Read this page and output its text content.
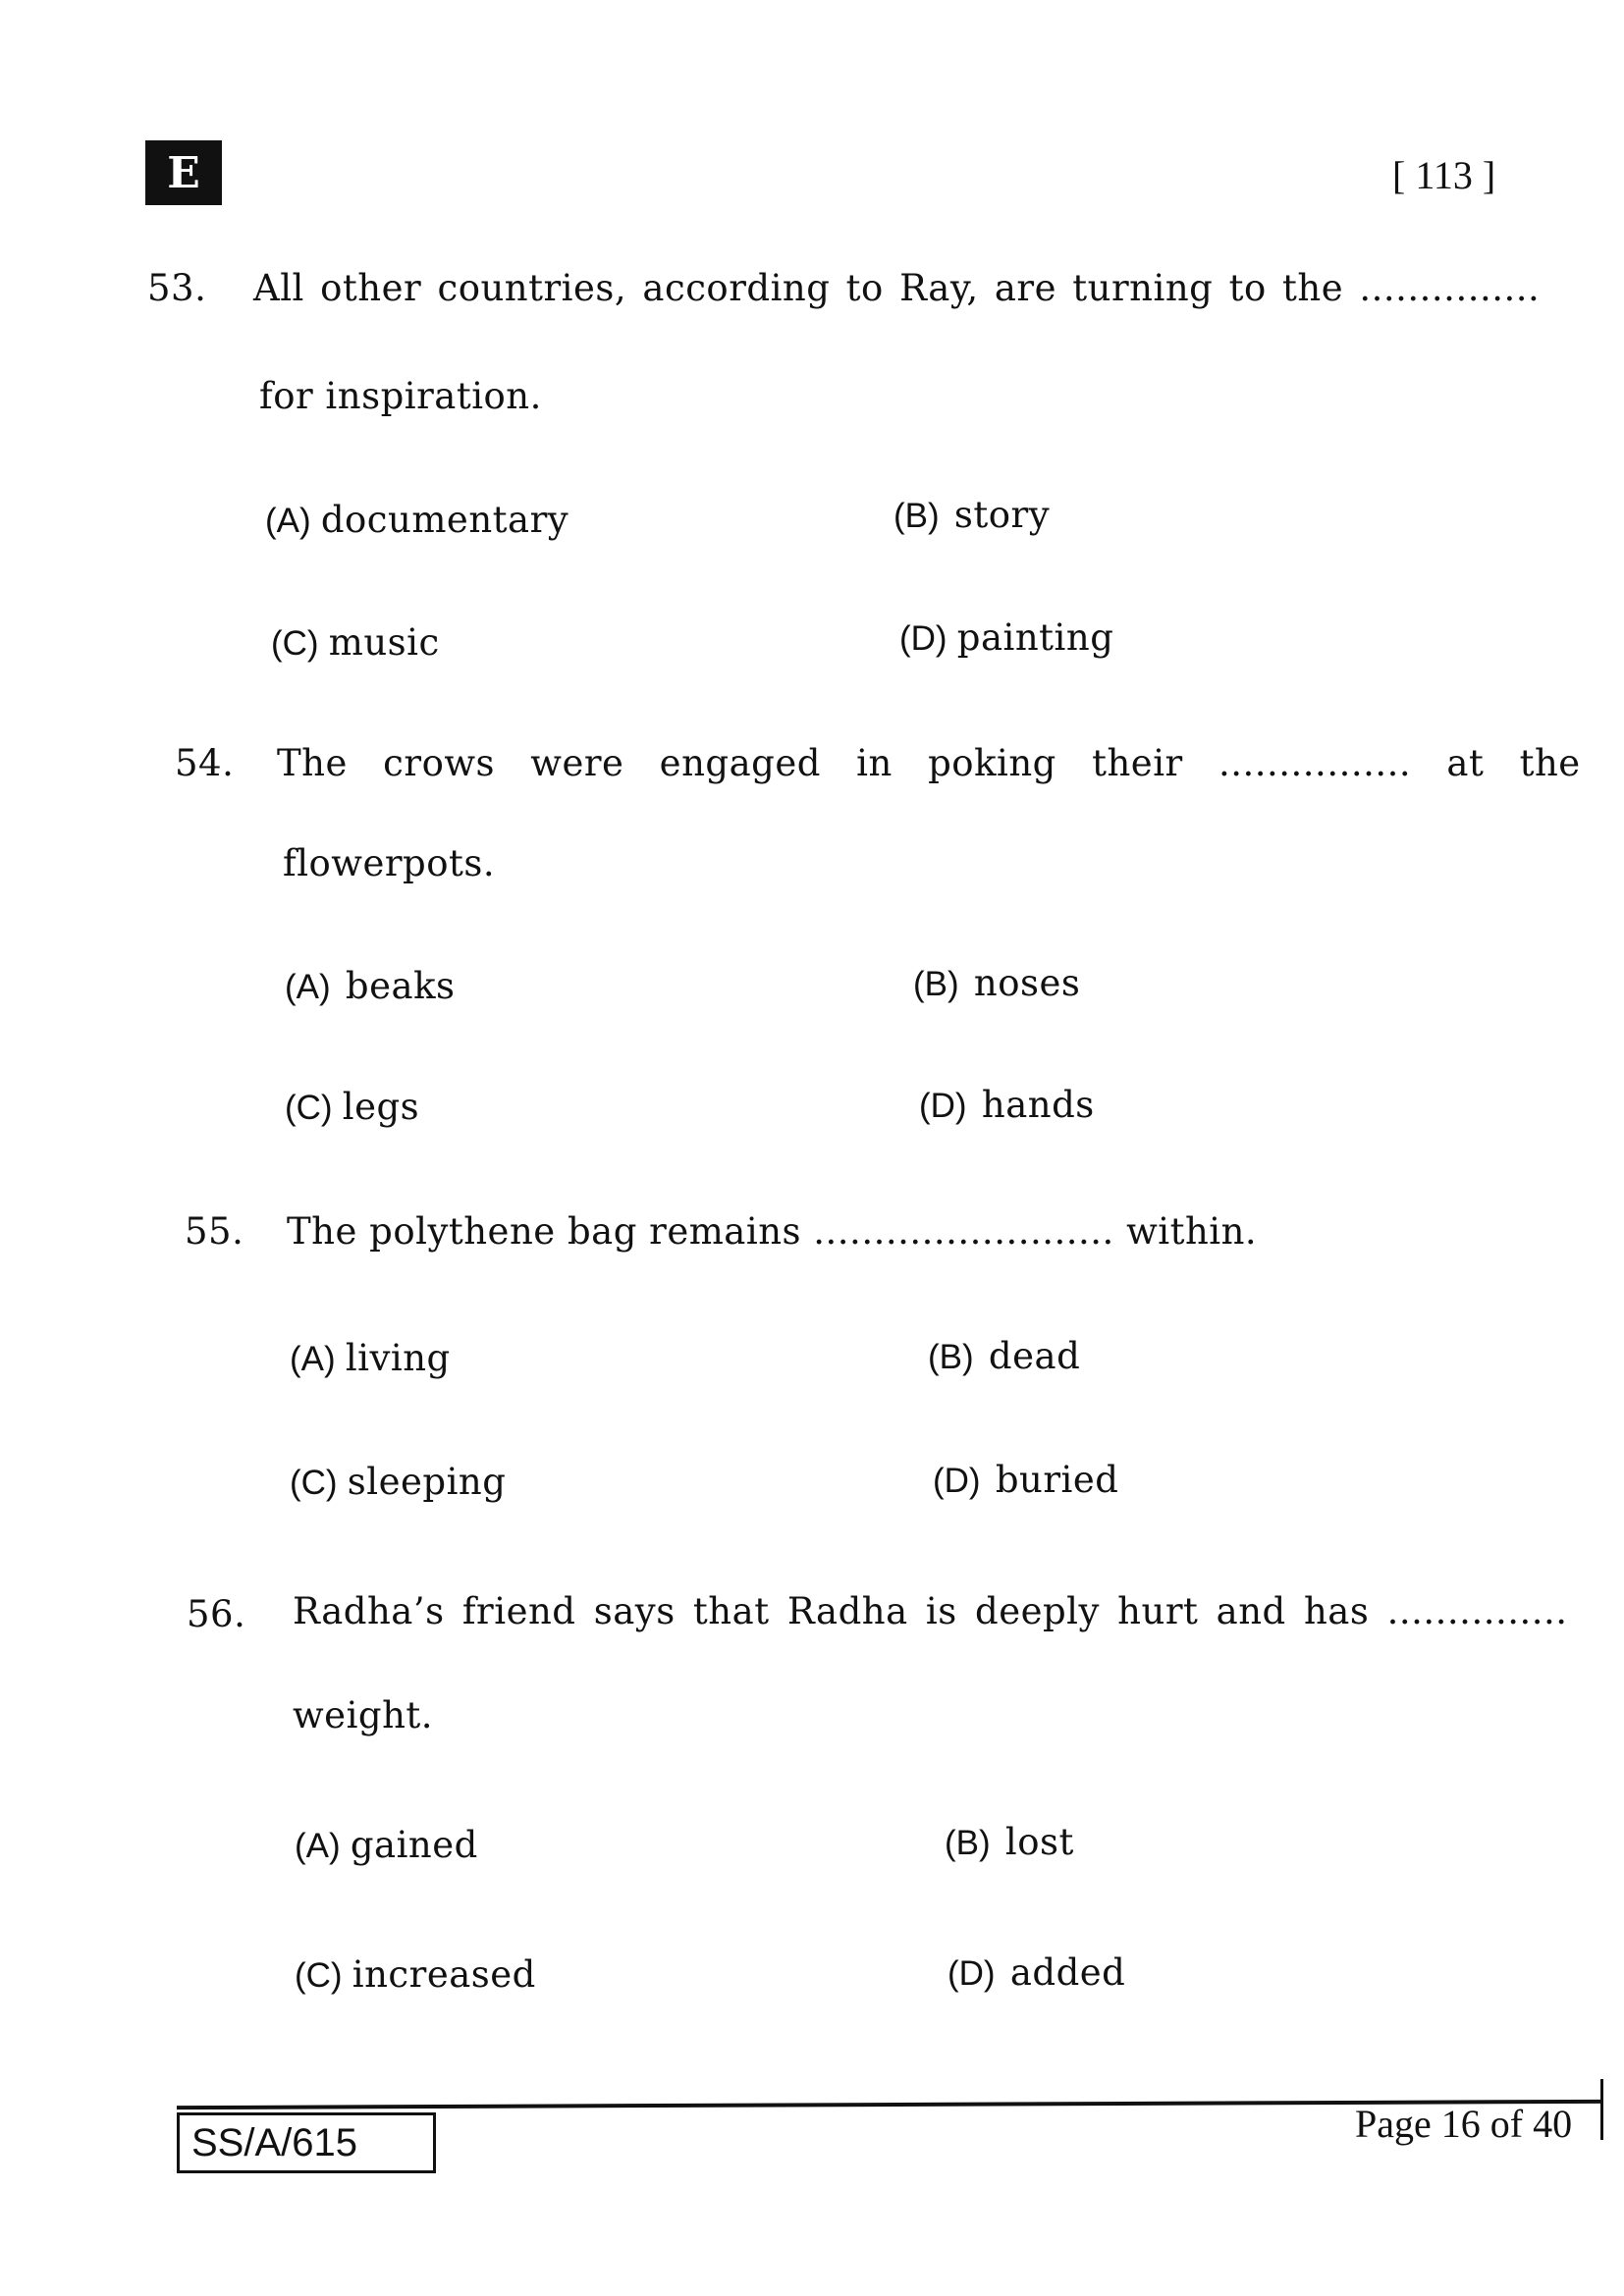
E	[ 113 ]
53. All other countries, according to Ray, are turning to the ...............
for inspiration.
(A) documentary	(B) story
(C) music	(D) painting
54. The crows were engaged in poking their ................ at the
flowerpots.
(A) beaks	(B) noses
(C) legs	(D) hands
55. The polythene bag remains ......................... within.
(A) living	(B) dead
(C) sleeping	(D) buried
56. Radha’s friend says that Radha is deeply hurt and has ...............
weight.
(A) gained	(B) lost
(C) increased	(D) added
SS/A/615	Page 16 of 40
